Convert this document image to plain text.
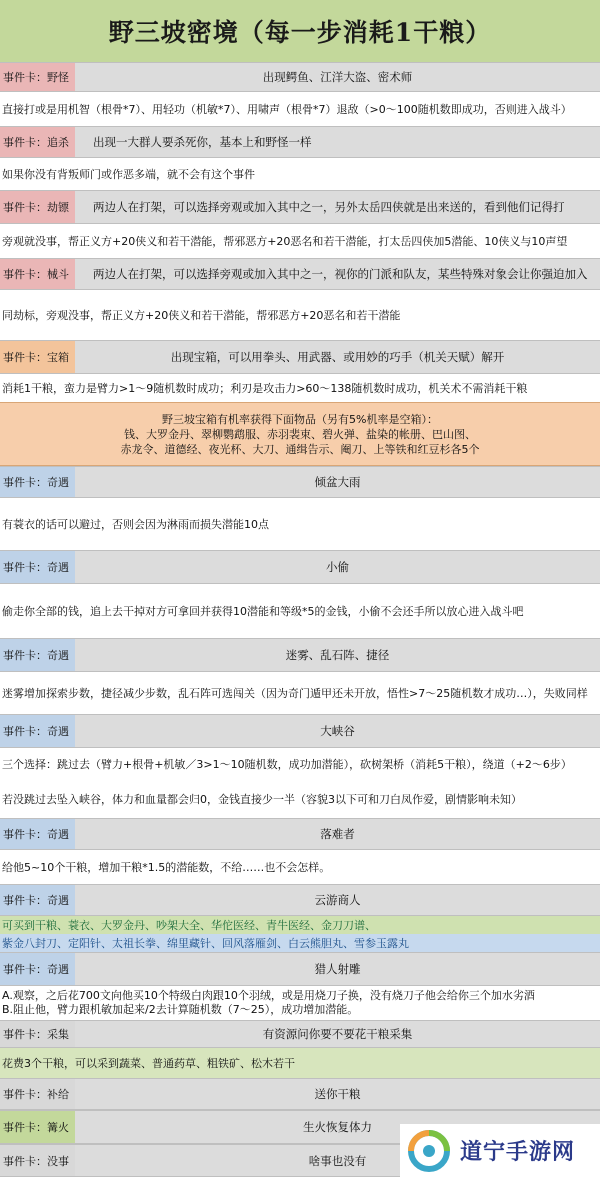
野三坡密境（每一步消耗1干粮）
事件卡：野怪	出现鳄鱼、江洋大盗、密术师
直接打或是用机智（根骨*7）、用轻功（机敏*7）、用啸声（根骨*7）退敌（>0～100随机数即成功，否则进入战斗）
事件卡：追杀	出现一大群人要杀死你，基本上和野怪一样
如果你没有背叛师门或作恶多端，就不会有这个事件
事件卡：劫镖	两边人在打架，可以选择旁观或加入其中之一，另外太岳四侠就是出来送的，看到他们记得打
旁观就没事，帮正义方+20侠义和若干潜能，帮邪恶方+20恶名和若干潜能，打太岳四侠加5潜能、10侠义与10声望
事件卡：械斗	两边人在打架，可以选择旁观或加入其中之一，视你的门派和队友，某些特殊对象会让你强迫加入
同劫标，旁观没事，帮正义方+20侠义和若干潜能，帮邪恶方+20恶名和若干潜能
事件卡：宝箱	出现宝箱，可以用拳头、用武器、或用妙的巧手（机关天赋）解开
消耗1干粮，蛮力是臂力>1～9随机数时成功；利刃是攻击力>60～138随机数时成功，机关术不需消耗干粮
野三坡宝箱有机率获得下面物品（另有5%机率是空箱）：
钱、大罗金丹、翠柳鹦鹉服、赤羽裴束、碧火弹、盐染的帐册、巴山图、
赤龙令、道德经、夜光杯、大刀、通缉告示、阉刀、上等铁和红豆杉各5个
事件卡：奇遇	倾盆大雨
有蓑衣的话可以避过，否则会因为淋雨而损失潜能10点
事件卡：奇遇	小偷
偷走你全部的钱，追上去干掉对方可拿回并获得10潜能和等级*5的金钱，小偷不会还手所以放心进入战斗吧
事件卡：奇遇	迷雾、乱石阵、捷径
迷雾增加探索步数，捷径减少步数，乱石阵可选闯关（因为奇门遁甲还未开放，悟性>7～25随机数才成功…），失败同样
事件卡：奇遇	大峡谷
三个选择：跳过去（臂力+根骨+机敏／3>1～10随机数，成功加潜能），砍树架桥（消耗5干粮），绕道（+2～6步）
若没跳过去坠入峡谷，体力和血量都会归0，金钱直接少一半（容貌3以下可和刀白凤作爱，剧情影响未知）
事件卡：奇遇	落难者
给他5~10个干粮，增加干粮*1.5的潜能数，不给……也不会怎样。
事件卡：奇遇	云游商人
可买到干粮、蓑衣、大罗金丹、吵架大全、华佗医经、青牛医经、金刀刀谱、
紫金八封刀、定阳针、太祖长拳、绵里藏针、回风落雁剑、白云熊胆丸、雪参玉露丸
事件卡：奇遇	猎人射雕
A.观察，之后花700文向他买10个特级白肉跟10个羽绒，或是用烧刀子换，没有烧刀子他会给你三个加水劣酒
B.阻止他，臂力跟机敏加起来/2去计算随机数（7～25），成功增加潜能。
事件卡：采集	有资源问你要不要花干粮采集
花费3个干粮，可以采到蔬菜、普通药草、粗铁矿、松木若干
事件卡：补给	送你干粮
事件卡：篝火	生火恢复体力
事件卡：没事	啥事也没有	道宁手游网
